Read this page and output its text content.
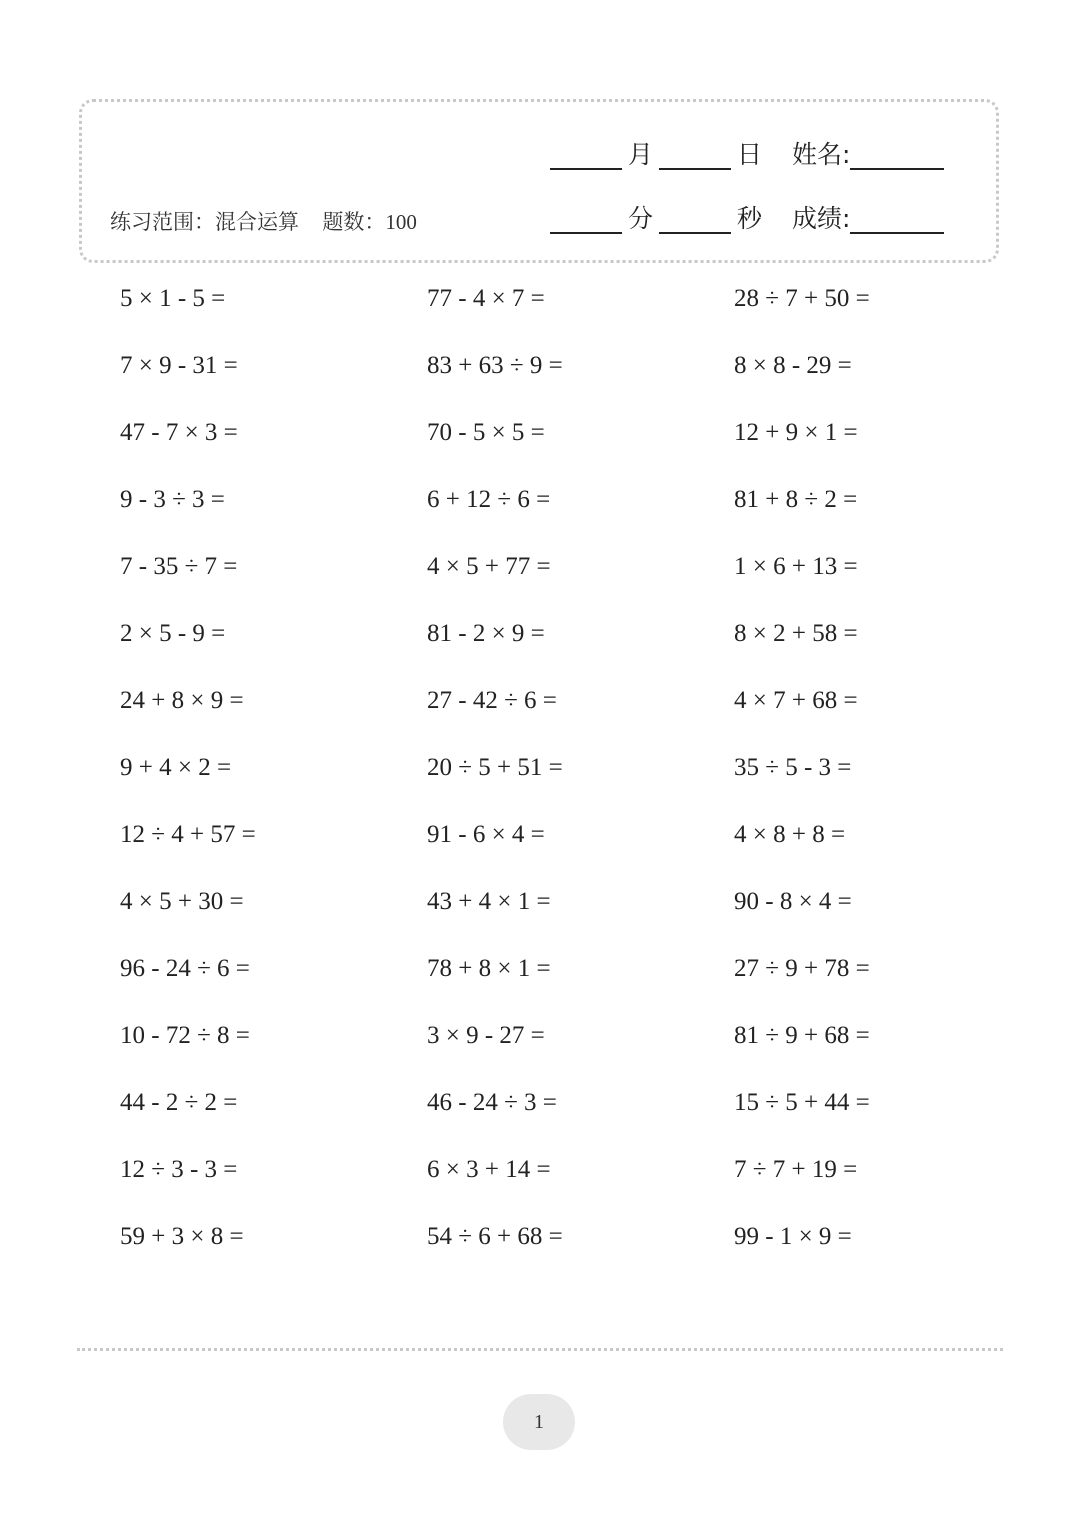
练习范围：混合运算 题数：100
月	日 姓名:
分	秒 成绩:
5 × 1 - 5 =
7 × 9 - 31 =
47 - 7 × 3 =
9 - 3 ÷ 3 =
7 - 35 ÷ 7 =
2 × 5 - 9 =
24 + 8 × 9 =
9 + 4 × 2 =
12 ÷ 4 + 57 =
4 × 5 + 30 =
96 - 24 ÷ 6 =
10 - 72 ÷ 8 =
44 - 2 ÷ 2 =
12 ÷ 3 - 3 =
59 + 3 × 8 =
77 - 4 × 7 =
83 + 63 ÷ 9 =
70 - 5 × 5 =
6 + 12 ÷ 6 =
4 × 5 + 77 =
81 - 2 × 9 =
27 - 42 ÷ 6 =
20 ÷ 5 + 51 =
91 - 6 × 4 =
43 + 4 × 1 =
78 + 8 × 1 =
3 × 9 - 27 =
46 - 24 ÷ 3 =
6 × 3 + 14 =
54 ÷ 6 + 68 =
28 ÷ 7 + 50 =
8 × 8 - 29 =
12 + 9 × 1 =
81 + 8 ÷ 2 =
1 × 6 + 13 =
8 × 2 + 58 =
4 × 7 + 68 =
35 ÷ 5 - 3 =
4 × 8 + 8 =
90 - 8 × 4 =
27 ÷ 9 + 78 =
81 ÷ 9 + 68 =
15 ÷ 5 + 44 =
7 ÷ 7 + 19 =
99 - 1 × 9 =
1
